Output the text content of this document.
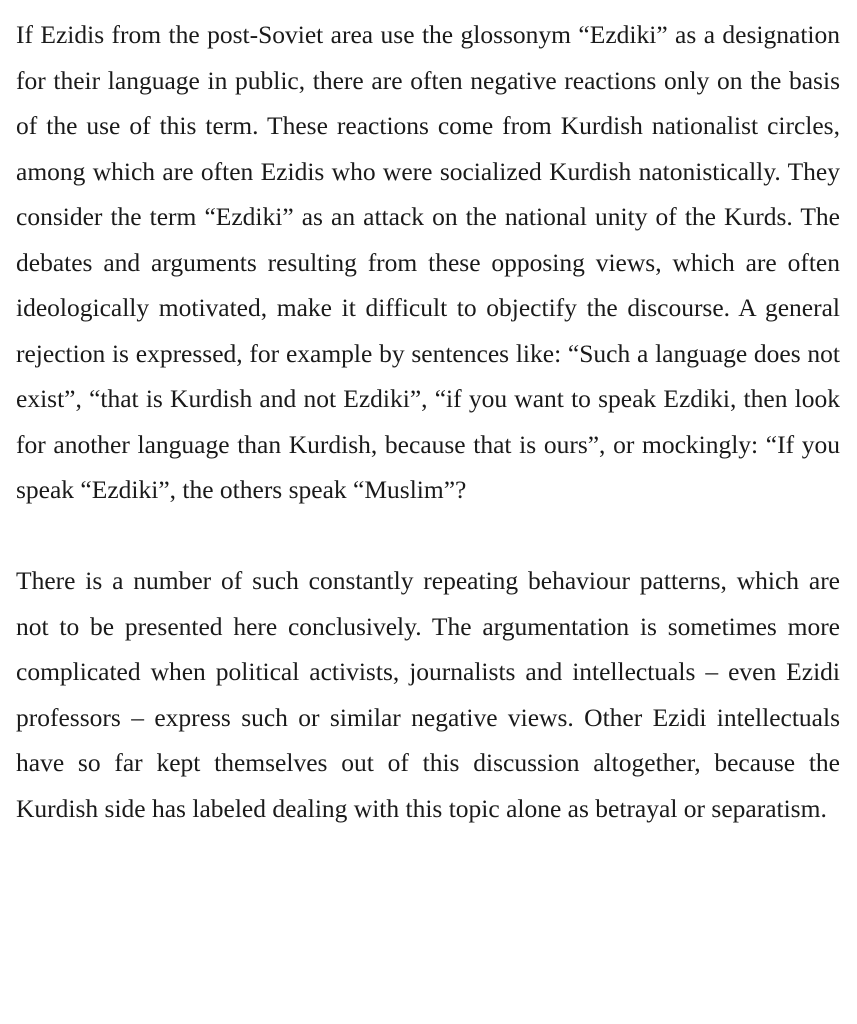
If Ezidis from the post-Soviet area use the glossonym “Ezdiki” as a designation for their language in public, there are often negative reactions only on the basis of the use of this term. These reactions come from Kurdish nationalist circles, among which are often Ezidis who were socialized Kurdish natonistically. They consider the term “Ezdiki” as an attack on the national unity of the Kurds. The debates and arguments resulting from these opposing views, which are often ideologically motivated, make it difficult to objectify the discourse. A general rejection is expressed, for example by sentences like: “Such a language does not exist”, “that is Kurdish and not Ezdiki”, “if you want to speak Ezdiki, then look for another language than Kurdish, because that is ours”, or mockingly: “If you speak “Ezdiki”, the others speak “Muslim”?

There is a number of such constantly repeating behaviour patterns, which are not to be presented here conclusively. The argumentation is sometimes more complicated when political activists, journalists and intellectuals – even Ezidi professors – express such or similar negative views. Other Ezidi intellectuals have so far kept themselves out of this discussion altogether, because the Kurdish side has labeled dealing with this topic alone as betrayal or separatism.
